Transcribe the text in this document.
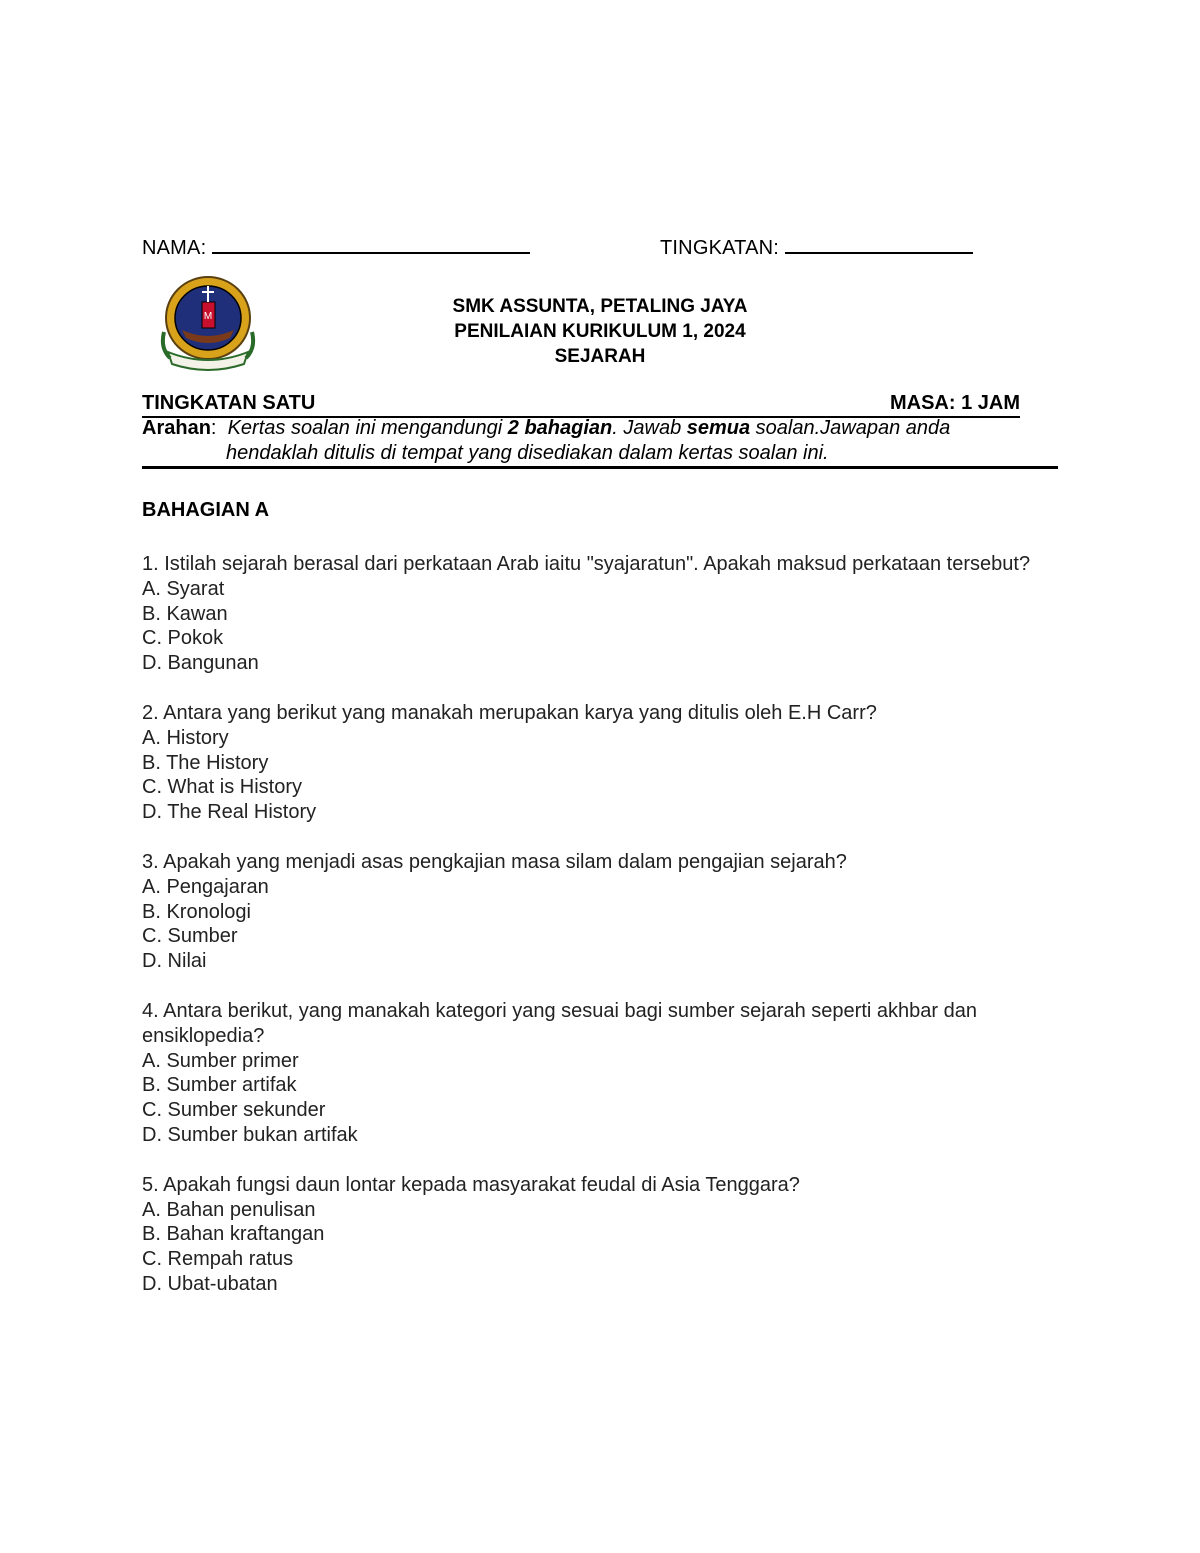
NAMA:	TINGKATAN:
M	SMK ASSUNTA, PETALING JAYA
PENILAIAN KURIKULUM 1, 2024
SEJARAH
TINGKATAN SATU	MASA: 1 JAM
Arahan: Kertas soalan ini mengandungi 2 bahagian. Jawab semua soalan.Jawapan anda
hendaklah ditulis di tempat yang disediakan dalam kertas soalan ini.
BAHAGIAN A
1. Istilah sejarah berasal dari perkataan Arab iaitu "syajaratun". Apakah maksud perkataan tersebut?
A. Syarat
B. Kawan
C. Pokok
D. Bangunan
2. Antara yang berikut yang manakah merupakan karya yang ditulis oleh E.H Carr?
A. History
B. The History
C. What is History
D. The Real History
3. Apakah yang menjadi asas pengkajian masa silam dalam pengajian sejarah?
A. Pengajaran
B. Kronologi
C. Sumber
D. Nilai
4. Antara berikut, yang manakah kategori yang sesuai bagi sumber sejarah seperti akhbar dan ensiklopedia?
A. Sumber primer
B. Sumber artifak
C. Sumber sekunder
D. Sumber bukan artifak
5. Apakah fungsi daun lontar kepada masyarakat feudal di Asia Tenggara?
A. Bahan penulisan
B. Bahan kraftangan
C. Rempah ratus
D. Ubat-ubatan
